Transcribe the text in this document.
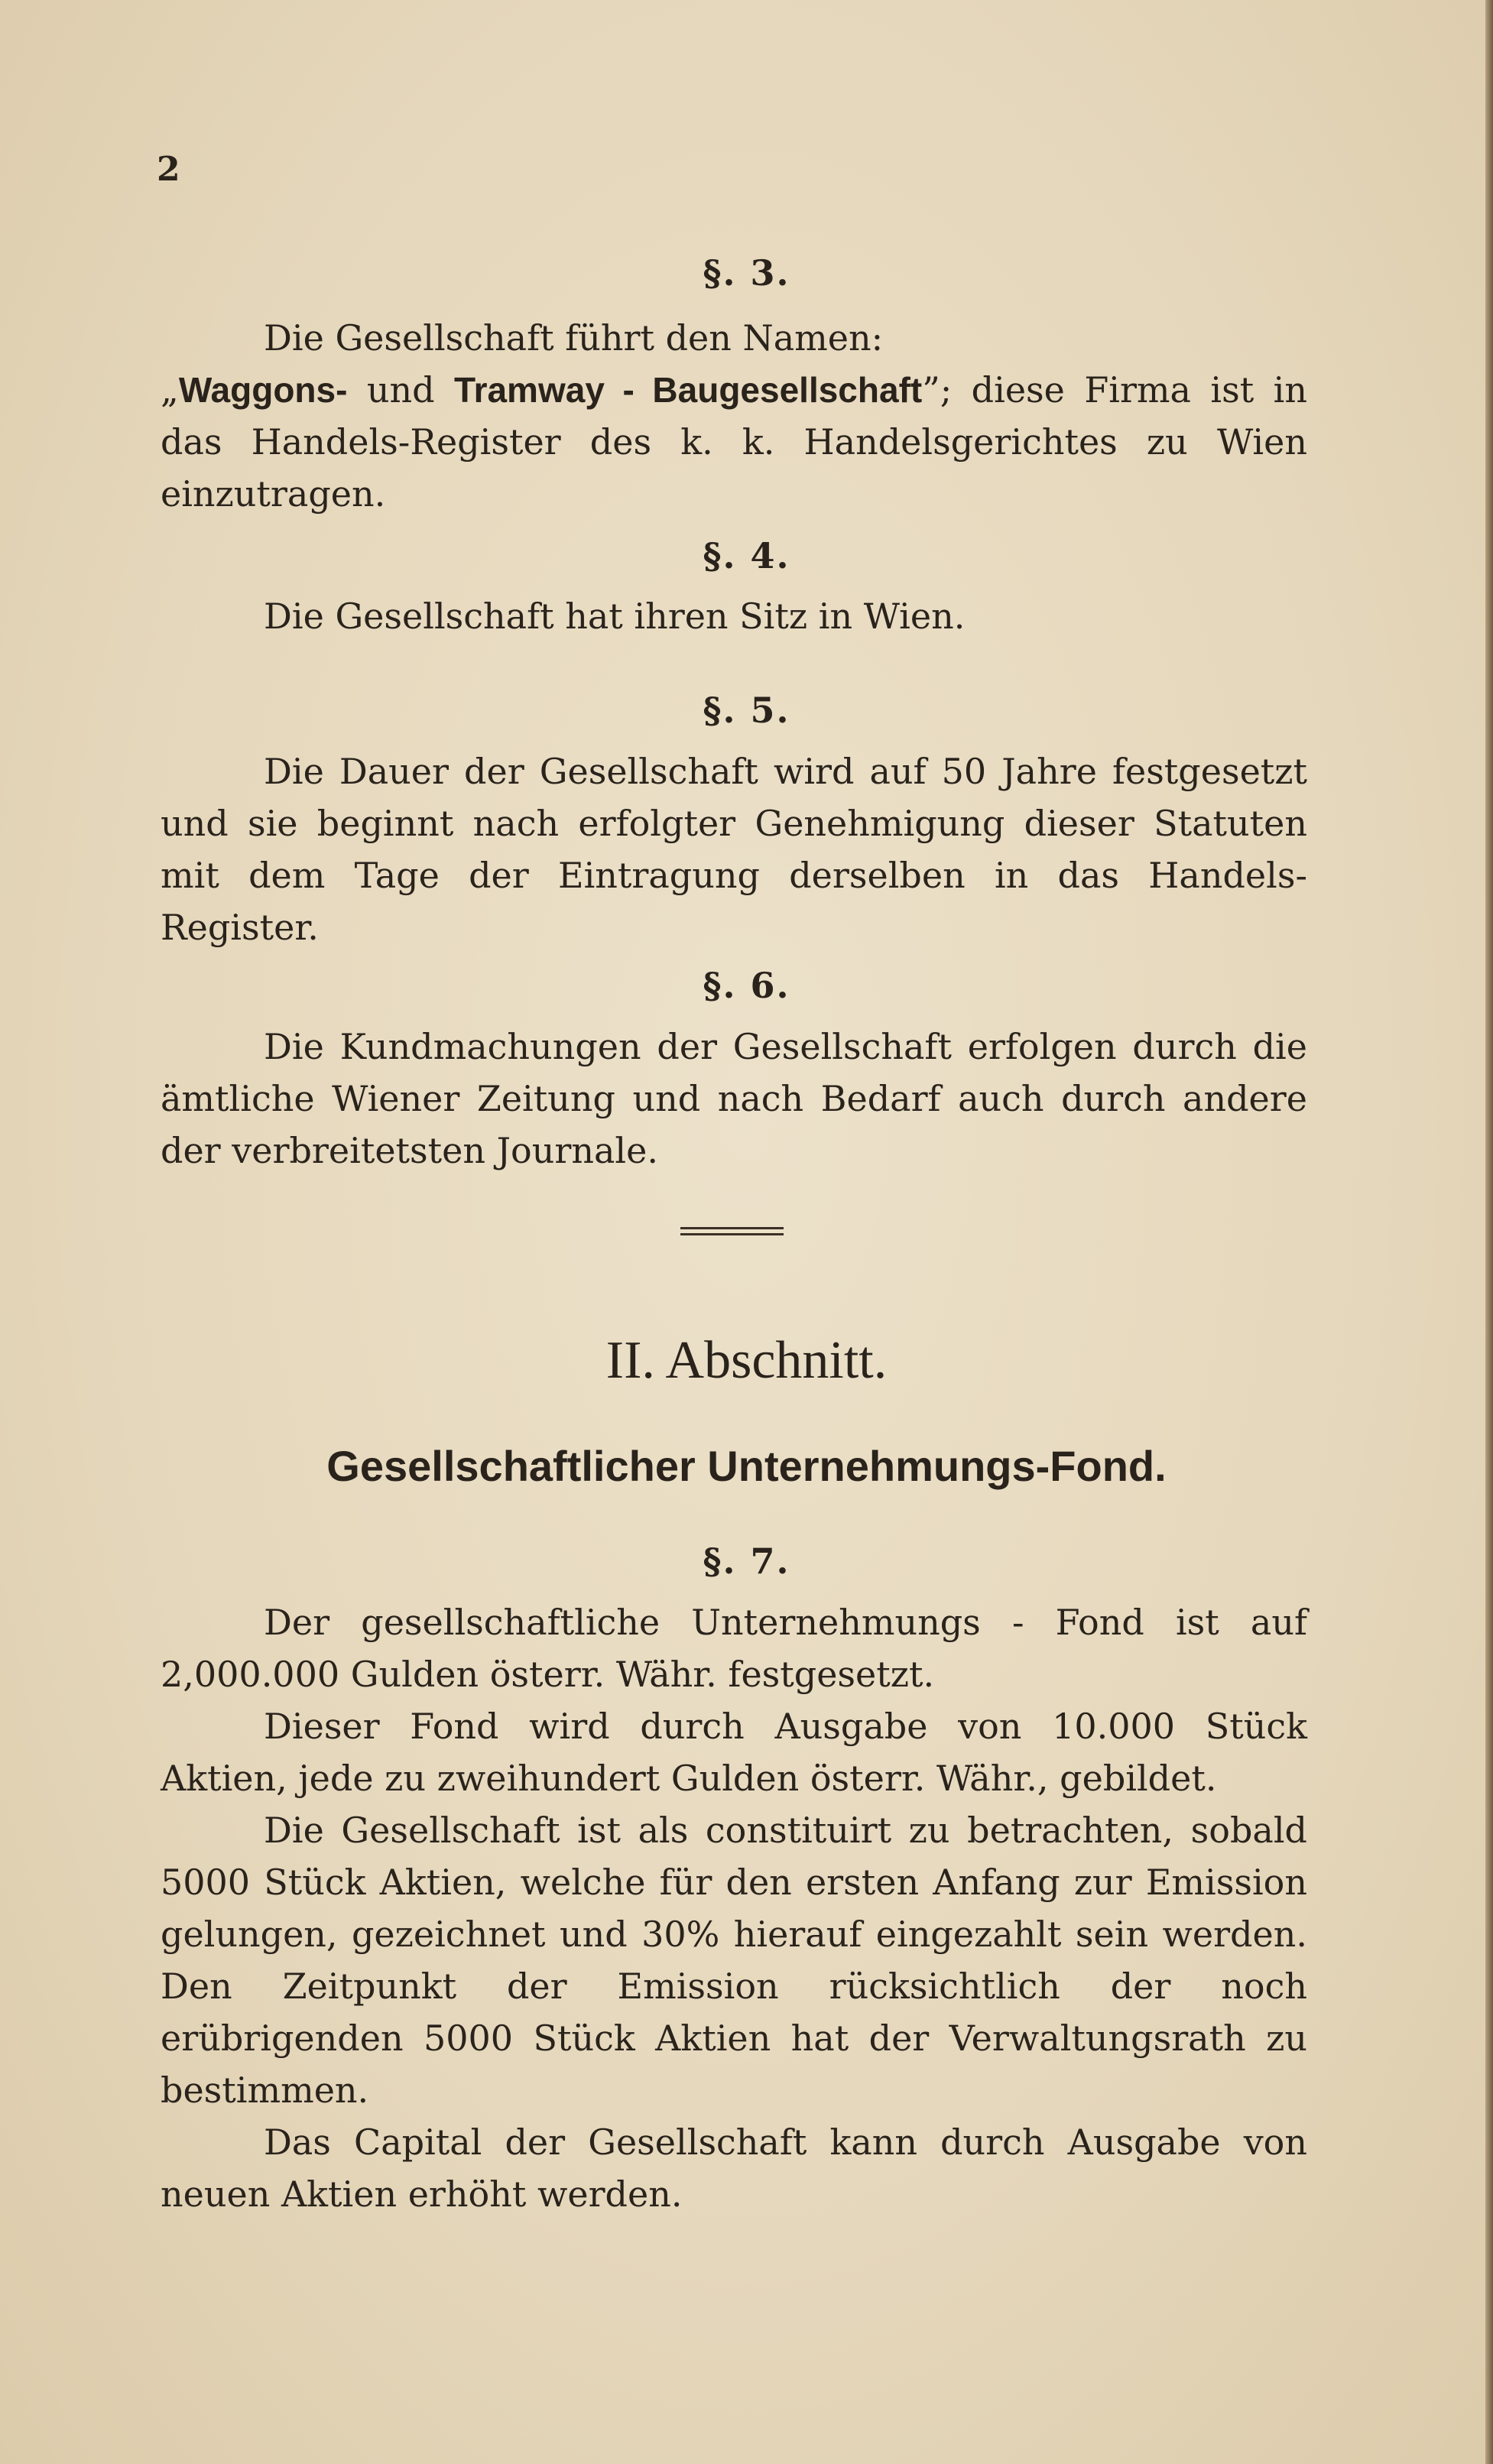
2
§. 3.

Die Gesellschaft führt den Namen:

„Waggons- und Tramway - Baugesellschaft”; diese Firma ist in das Handels-Register des k. k. Handelsgerichtes zu Wien einzutragen.

§. 4.

Die Gesellschaft hat ihren Sitz in Wien.

§. 5.

Die Dauer der Gesellschaft wird auf 50 Jahre festgesetzt und sie beginnt nach erfolgter Genehmigung dieser Statuten mit dem Tage der Eintragung derselben in das Handels-Register.

§. 6.

Die Kundmachungen der Gesellschaft erfolgen durch die ämtliche Wiener Zeitung und nach Bedarf auch durch andere der verbreitetsten Journale.

II. Abschnitt.
Gesellschaftlicher Unternehmungs-Fond.
§. 7.

Der gesellschaftliche Unternehmungs - Fond ist auf 2,000.000 Gulden österr. Währ. festgesetzt.

Dieser Fond wird durch Ausgabe von 10.000 Stück Aktien, jede zu zweihundert Gulden österr. Währ., gebildet.

Die Gesellschaft ist als constituirt zu betrachten, sobald 5000 Stück Aktien, welche für den ersten Anfang zur Emission gelungen, gezeichnet und 30% hierauf eingezahlt sein werden. Den Zeitpunkt der Emission rücksichtlich der noch erübrigenden 5000 Stück Aktien hat der Verwaltungsrath zu bestimmen.

Das Capital der Gesellschaft kann durch Ausgabe von neuen Aktien erhöht werden.
